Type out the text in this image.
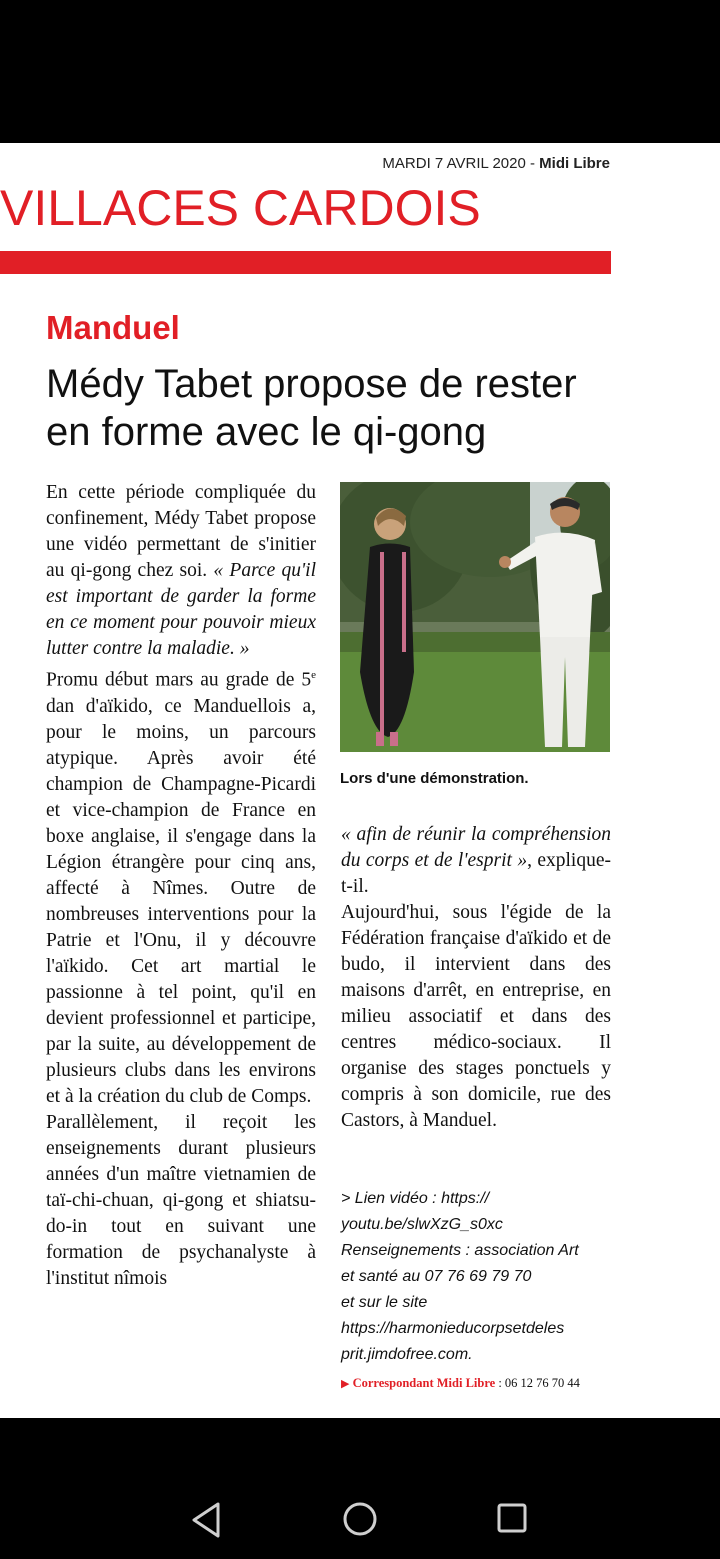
MARDI 7 AVRIL 2020 - Midi Libre
VILLACES CARDOIS
Manduel
Médy Tabet propose de rester en forme avec le qi-gong

En cette période compliquée du confinement, Médy Tabet propose une vidéo permettant de s'initier au qi-gong chez soi. « Parce qu'il est important de garder la forme en ce moment pour pouvoir mieux lutter contre la maladie. »

Promu début mars au grade de 5e dan d'aïkido, ce Manduellois a, pour le moins, un parcours atypique. Après avoir été champion de Champagne-Picardi et vice-champion de France en boxe anglaise, il s'engage dans la Légion étrangère pour cinq ans, affecté à Nîmes. Outre de nombreuses interventions pour la Patrie et l'Onu, il y découvre l'aïkido. Cet art martial le passionne à tel point, qu'il en devient professionnel et participe, par la suite, au développement de plusieurs clubs dans les environs et à la création du club de Comps.

Parallèlement, il reçoit les enseignements durant plusieurs années d'un maître vietnamien de taï-chi-chuan, qi-gong et shiatsu-do-in tout en suivant une formation de psychanalyste à l'institut nîmois

Lors d'une démonstration.

« afin de réunir la compréhension du corps et de l'esprit », explique-t-il.

Aujourd'hui, sous l'égide de la Fédération française d'aïkido et de budo, il intervient dans des maisons d'arrêt, en entreprise, en milieu associatif et dans des centres médico-sociaux. Il organise des stages ponctuels y compris à son domicile, rue des Castors, à Manduel.

> Lien vidéo : https://

youtu.be/slwXzG_s0xc

Renseignements : association Art

et santé au 07 76 69 79 70

et sur le site

https://harmonieducorpsetdeles

prit.jimdofree.com.

▶ Correspondant Midi Libre : 06 12 76 70 44
